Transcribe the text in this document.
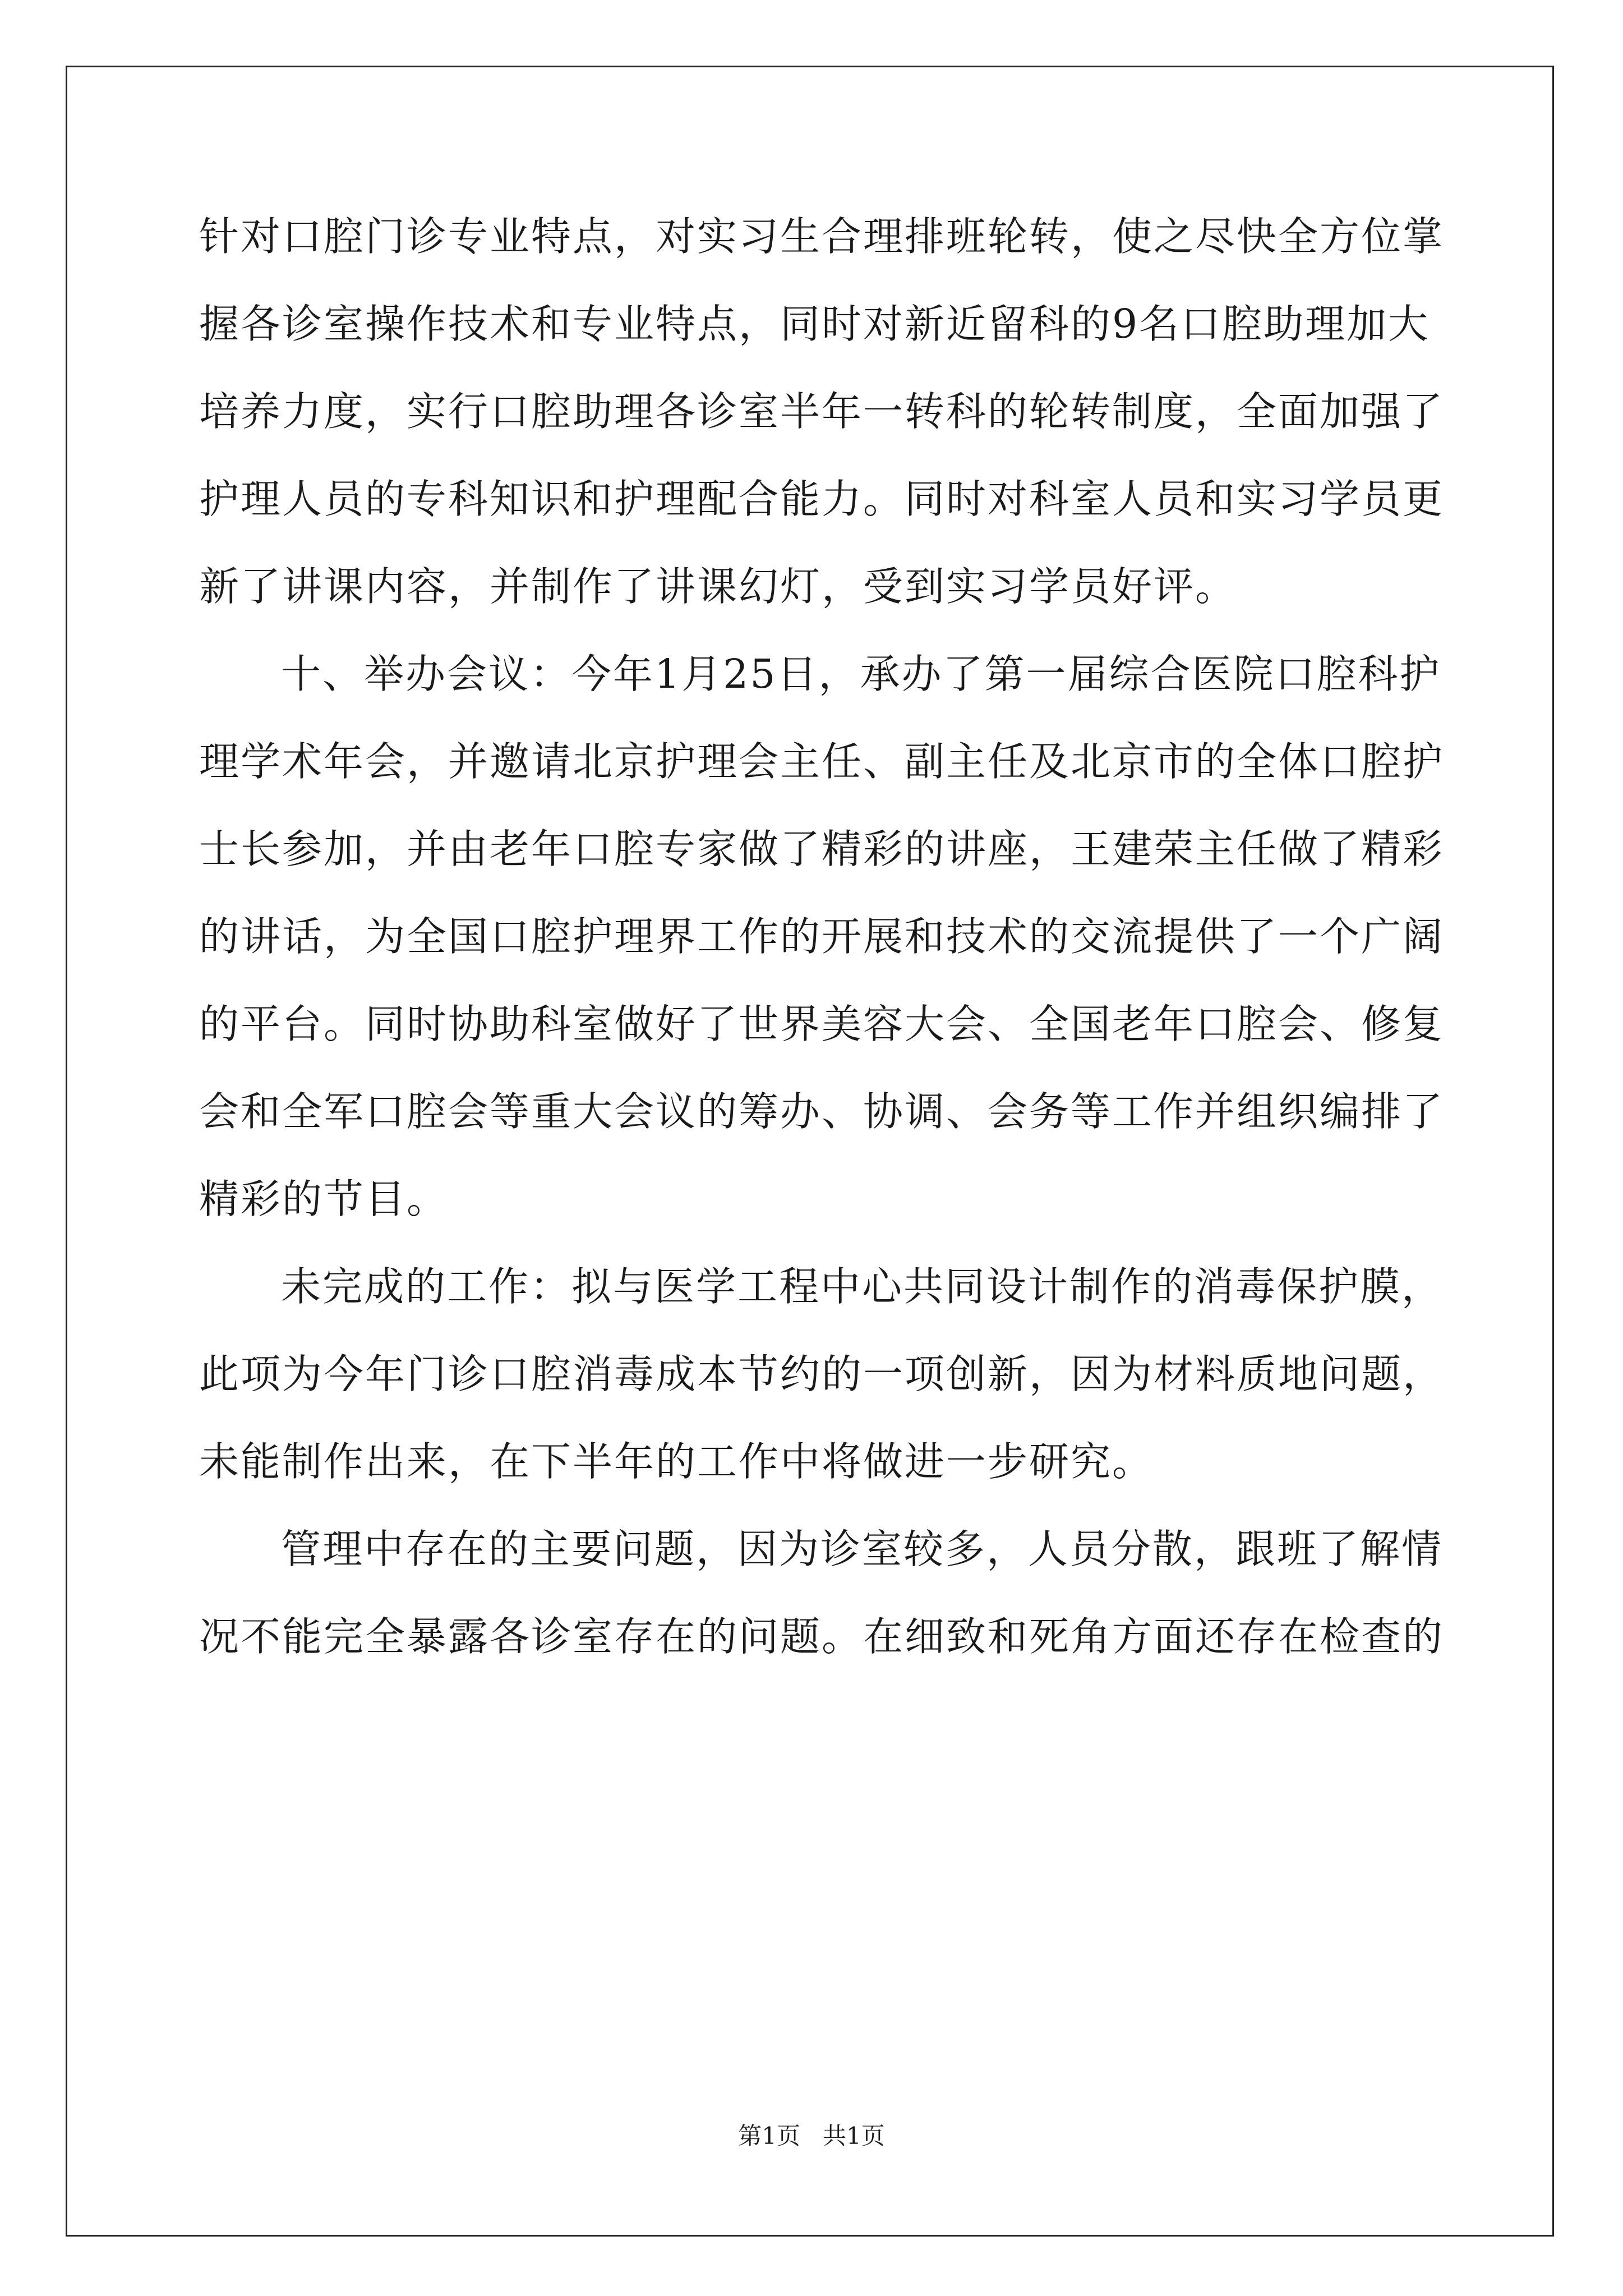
针对口腔门诊专业特点，对实习生合理排班轮转，使之尽快全方位掌
握各诊室操作技术和专业特点，同时对新近留科的9名口腔助理加大
培养力度，实行口腔助理各诊室半年一转科的轮转制度，全面加强了
护理人员的专科知识和护理配合能力。同时对科室人员和实习学员更
新了讲课内容，并制作了讲课幻灯，受到实习学员好评。
十、举办会议：今年1月25日，承办了第一届综合医院口腔科护
理学术年会，并邀请北京护理会主任、副主任及北京市的全体口腔护
士长参加，并由老年口腔专家做了精彩的讲座，王建荣主任做了精彩
的讲话，为全国口腔护理界工作的开展和技术的交流提供了一个广阔
的平台。同时协助科室做好了世界美容大会、全国老年口腔会、修复
会和全军口腔会等重大会议的筹办、协调、会务等工作并组织编排了
精彩的节目。
未完成的工作：拟与医学工程中心共同设计制作的消毒保护膜，
此项为今年门诊口腔消毒成本节约的一项创新，因为材料质地问题，
未能制作出来，在下半年的工作中将做进一步研究。
管理中存在的主要问题，因为诊室较多，人员分散，跟班了解情
况不能完全暴露各诊室存在的问题。在细致和死角方面还存在检查的
第1页 共1页
